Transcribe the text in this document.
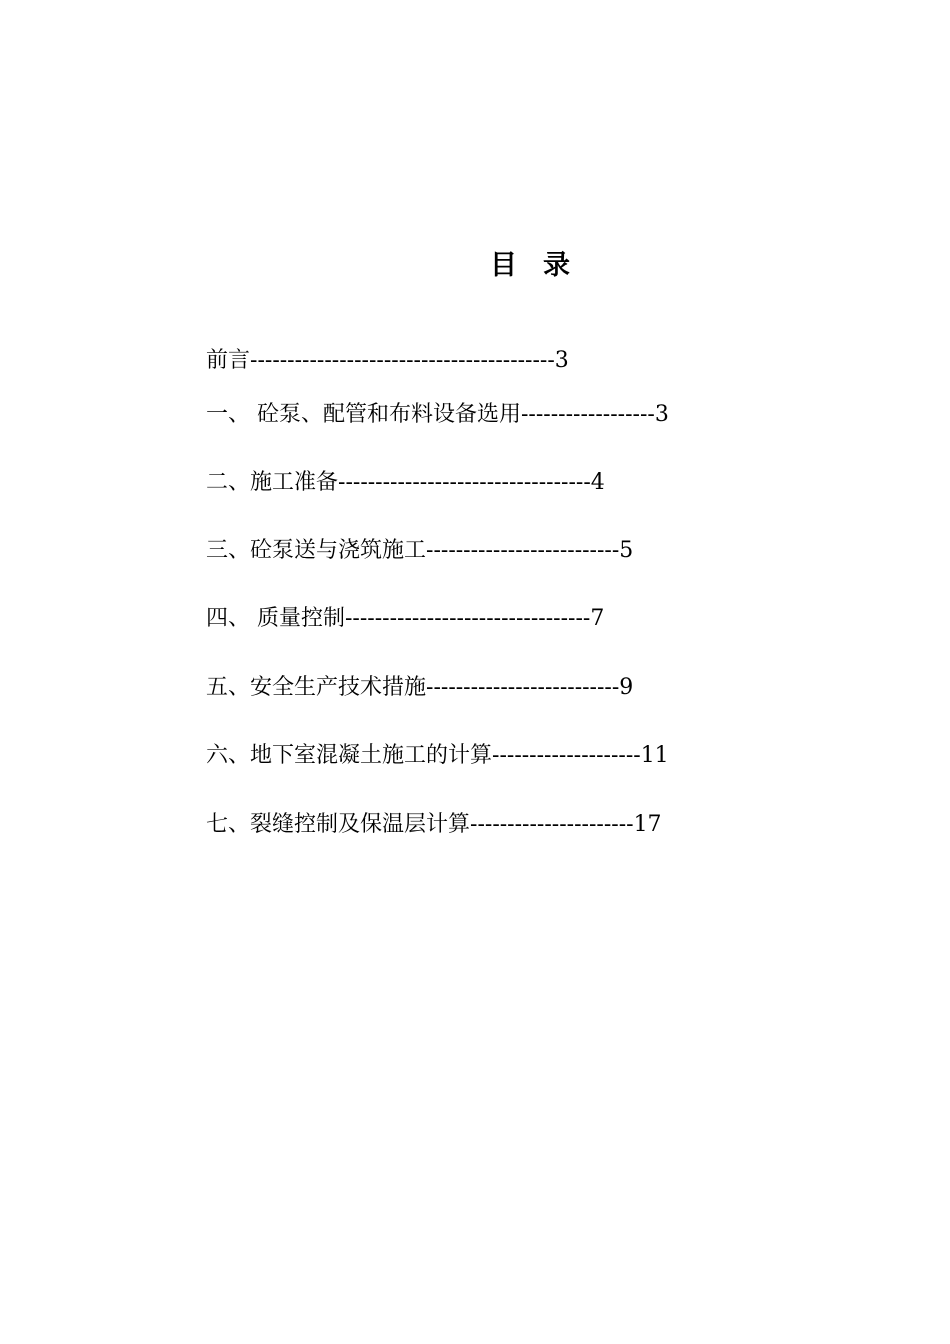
目 录
前言-----------------------------------------3
一、 砼泵、配管和布料设备选用------------------3
二、施工准备----------------------------------4
三、砼泵送与浇筑施工--------------------------5
四、 质量控制---------------------------------7
五、安全生产技术措施--------------------------9
六、地下室混凝土施工的计算--------------------11
七、裂缝控制及保温层计算----------------------17
